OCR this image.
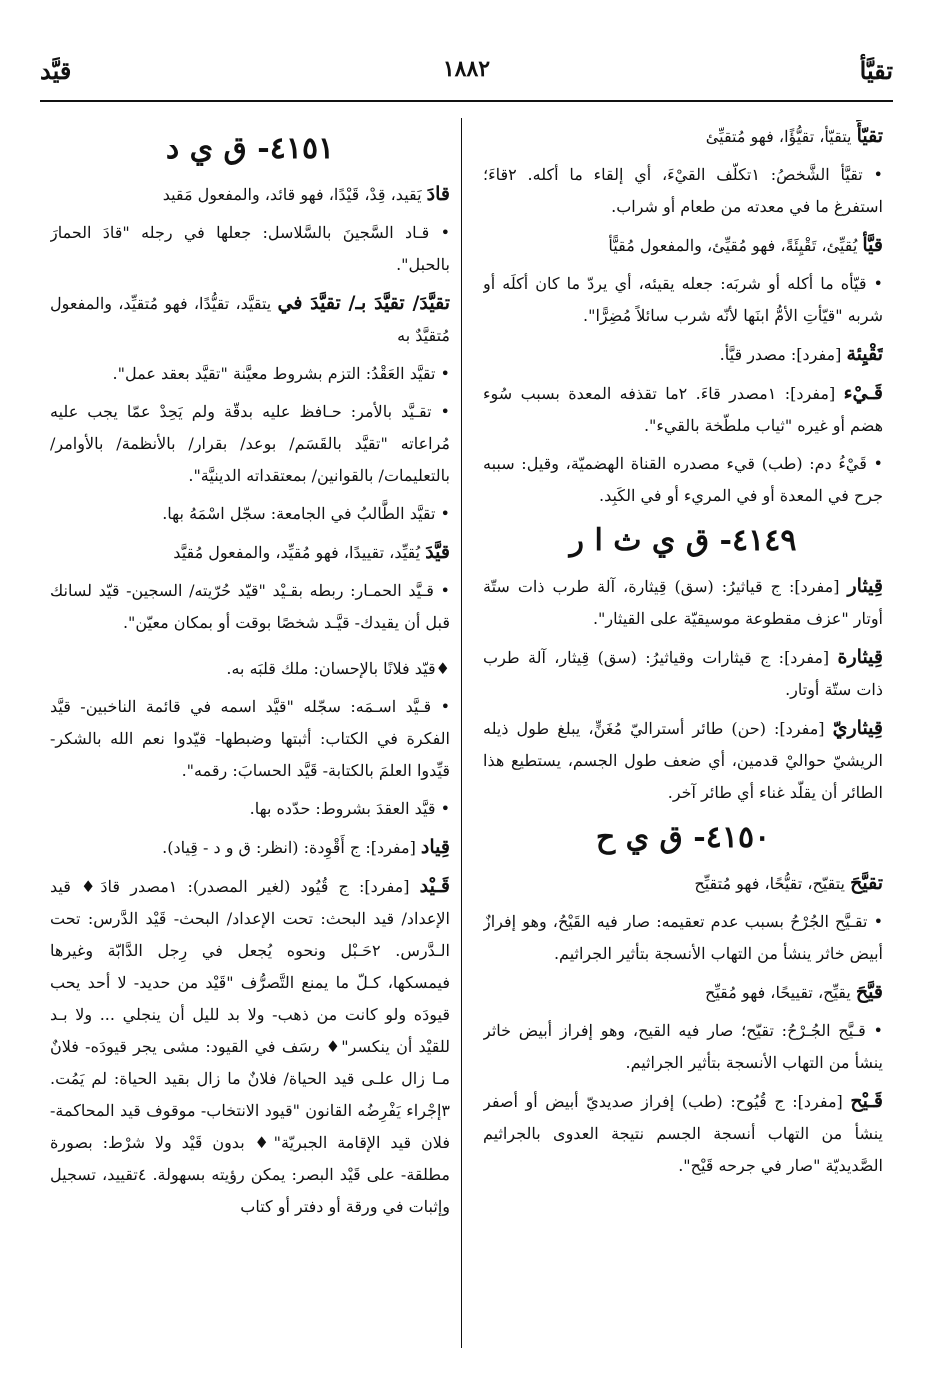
تقيَّأ
١٨٨٢
قيَّد
تقيّأَ يتقيّأ، تقيُّؤًا، فهو مُتقيِّئ
• تقيَّأ الشَّخصُ: ١تكلّف القيْءَ، أي إلقاء ما أكله. ٢قاءَ؛ استفرغ ما في معدته من طعام أو شراب.
قيَّأ يُقيِّئ، تَقْيِئَةً، فهو مُقيِّئ، والمفعول مُقيًّأ
• قيّأه ما أكله أو شربَه: جعله يقيئه، أي يردّ ما كان أكلَه أو شربه "قيّأتِ الأمُّ ابنَها لأنّه شرب سائلاً مُضِرًّا".
تَقْيِئة [مفرد]: مصدر قيَّأ.
قَـيْء [مفرد]: ١مصدر قاءَ. ٢ما تقذفه المعدة بسبب سُوء هضم أو غيره "ثياب ملطّخة بالقيء".
• قَيْءُ دم: (طب) قيء مصدره القناة الهضميّة، وقيل: سببه جرح في المعدة أو في المريء أو في الكَبِد.
٤١٤٩- ق ي ث ا ر
قِيثار [مفرد]: ج قياثيرُ: (سق) قِيثارة، آلة طرب ذات ستّة أوتار "عزف مقطوعة موسيقيّة على القيثار".
قِيثارة [مفرد]: ج قيثارات وقياثيرُ: (سق) قِيثار، آلة طرب ذات ستّة أوتار.
قِيثاريّ [مفرد]: (حن) طائر أستراليّ مُغَنٍّ، يبلغ طول ذيله الريشيّ حواليْ قدمين، أي ضعف طول الجسم، يستطيع هذا الطائر أن يقلّد غناء أي طائر آخر.
٤١٥٠- ق ي ح
تقيَّحَ يتقيّح، تقيُّحًا، فهو مُتقيِّح
• تقـيَّح الجُرْحُ بسبب عدم تعقيمه: صار فيه القَيْحُ، وهو إفرازٌ أبيض خاثر ينشأ من التهاب الأنسجة بتأثير الجراثيم.
قيَّحَ يقيِّح، تقييحًا، فهو مُقيِّح
• قـيَّح الجُـرْحُ: تقيّح؛ صار فيه القيح، وهو إفراز أبيض خاثر ينشأ من التهاب الأنسجة بتأثير الجراثيم.
قَـيْح [مفرد]: ج قُيُوح: (طب) إفراز صديديّ أبيض أو أصفر ينشأ من التهاب أنسجة الجسم نتيجة العدوى بالجراثيم الصَّديديّة "صار في جرحه قَيْح".
٤١٥١- ق ي د
قادَ يَقيد، قِدْ، قَيْدًا، فهو قائد، والمفعول مَقيد
• قـاد السَّجينَ بالسَّلاسل: جعلها في رجله "قادَ الحمارَ بالحبل".
تقيَّدَ/ تقيَّدَ بـ/ تقيَّدَ في يتقيَّد، تقيُّدًا، فهو مُتقيِّد، والمفعول مُتقيَّدٌ به
• تقيَّد العَقْدُ: التزم بشروط معيَّنة "تقيَّد بعقد عمل".
• تقـيَّد بالأمر: حـافظ عليه بدقّة ولم يَحِدْ عمّا يجب عليه مُراعاته "تقيَّد بالقَسَم/ بوعد/ بقرار/ بالأنظمة/ بالأوامر/ بالتعليمات/ بالقوانين/ بمعتقداته الدينيَّة".
• تقيَّد الطَّالبُ في الجامعة: سجّل اسْمَهُ بها.
قيَّدَ يُقيِّد، تقييدًا، فهو مُقيِّد، والمفعول مُقيَّد
• قـيَّد الحمـار: ربطه بقـيْد "قيّد حُرّيته/ السجين- قيّد لسانك قبل أن يقيدك- قيَّـد شخصًا بوقت أو بمكان معيّن".
♦قيّد فلانًا بالإحسان: ملك قلبَه به.
• قـيَّد اسـمَه: سجّله "قيَّد اسمه في قائمة الناخبين- قيَّد الفكرة في الكتاب: أثبتها وضبطها- قيّدوا نعم الله بالشكر- قيِّدوا العلمَ بالكتابة- قَيَّد الحسابَ: رقمه".
• قيَّد العقدَ بشروط: حدّده بها.
قِياد [مفرد]: ج أَقْوِدة: (انظر: ق و د - قِياد).
قَـيْد [مفرد]: ج قُيُود (لغير المصدر): ١مصدر قادَ♦ قيد الإعداد/ قيد البحث: تحت الإعداد/ البحث- قَيْد الدَّرس: تحت الـدَّرس. ٢حَـبْل ونحوه يُجعل في رِجل الدَّابّة وغيرها فيمسكها، كـلّ ما يمنع التَّصرُّف "قَيْد من حديد- لا أحد يحب قيودَه ولو كانت من ذهب- ولا بد لليل أن ينجلي ... ولا بـد للقيْد أن ينكسر"♦ رسَف في القيود: مشى يجر قيودَه- فلانٌ مـا زال علـى قيد الحياة/ فلانٌ ما زال بقيد الحياة: لم يَمُت. ٣إجْراء يَفْرِضُه القانون "قيود الانتخاب- موقوف قيد المحاكمة- فلان قيد الإقامة الجبريّة"♦ بدون قَيْد ولا شرْط: بصورة مطلقة- على قَيْد البصر: يمكن رؤيته بسهولة. ٤تقييد، تسجيل وإثبات في ورقة أو دفتر أو كتاب
